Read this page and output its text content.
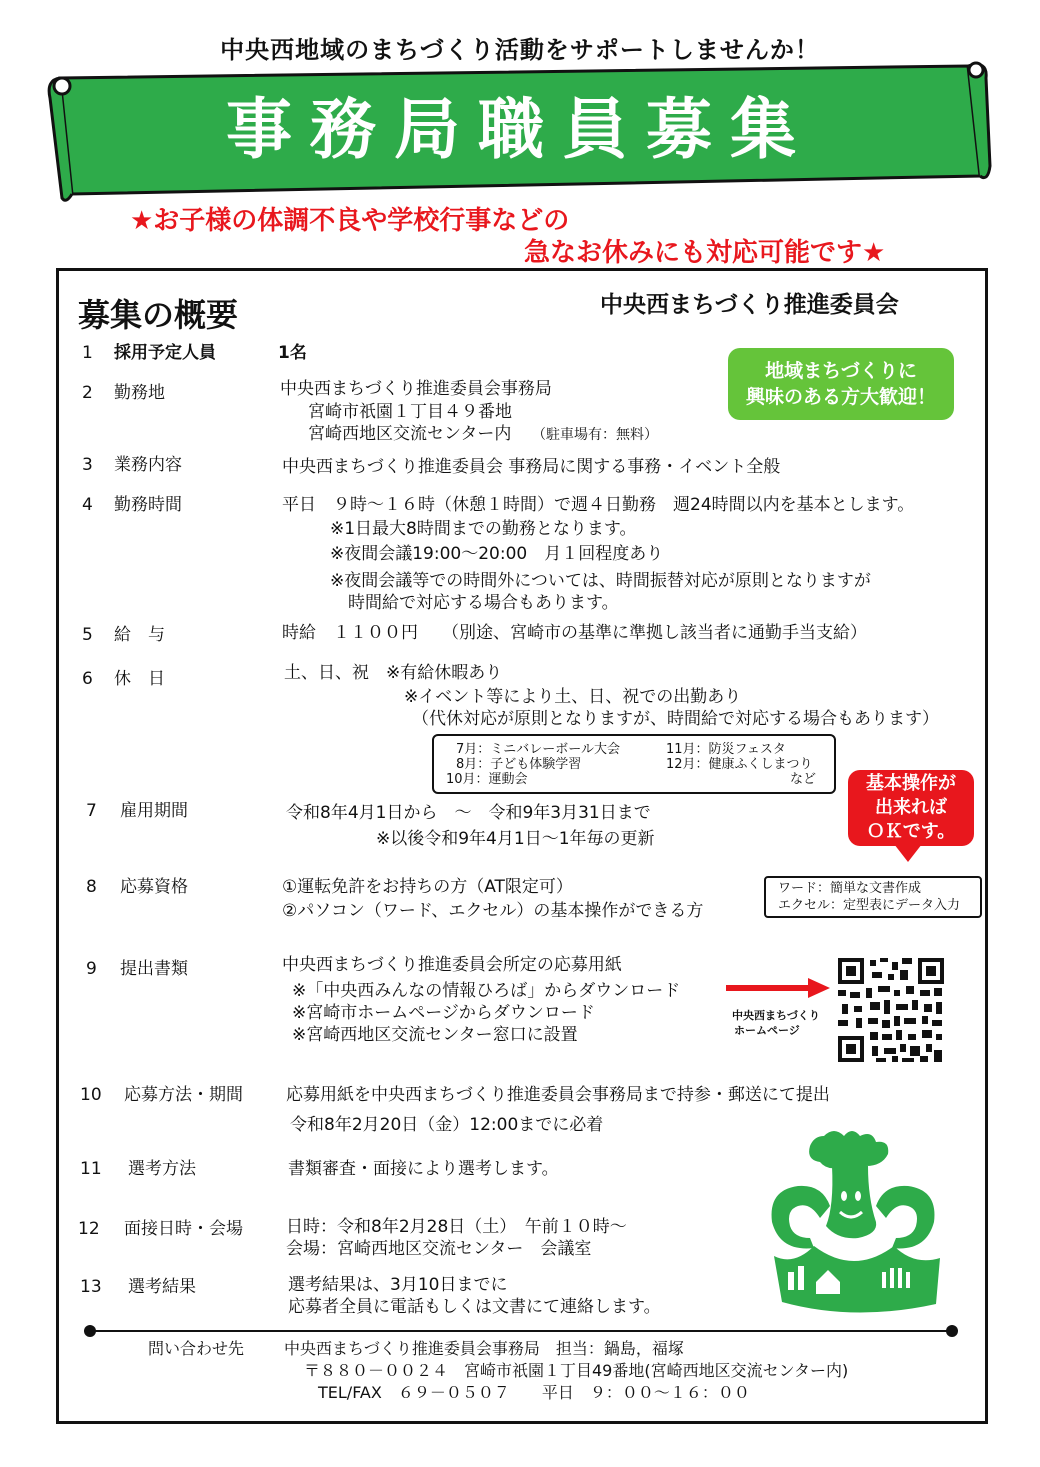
中央西地域のまちづくり活動をサポートしませんか！
事務局職員募集
★お子様の体調不良や学校行事などの
急なお休みにも対応可能です★
募集の概要	中央西まちづくり推進委員会
1 採用予定人員	1名
2 勤務地	中央西まちづくり推進委員会事務局
宮崎市祇園１丁目４９番地
宮崎西地区交流センター内 （駐車場有：無料）
地域まちづくりに
興味のある方大歓迎！
3 業務内容	中央西まちづくり推進委員会 事務局に関する事務・イベント全般
4 勤務時間	平日　９時～１６時（休憩１時間）で週４日勤務　週24時間以内を基本とします。
※1日最大8時間までの勤務となります。
※夜間会議19:00～20:00　月１回程度あり
※夜間会議等での時間外については、時間振替対応が原則となりますが
時間給で対応する場合もあります。
5 給　与	時給　１１００円 （別途、宮崎市の基準に準拠し該当者に通勤手当支給）
6 休　日	土、日、祝　※有給休暇あり
※イベント等により土、日、祝での出勤あり
（代休対応が原則となりますが、時間給で対応する場合もあります）
7月：ミニバレーボール大会
8月：子ども体験学習
10月：運動会
11月：防災フェスタ
12月：健康ふくしまつり
など	基本操作が
出来れば
ＯＫです。
7 雇用期間	令和8年4月1日から　～　令和9年3月31日まで
※以後令和9年4月1日～1年毎の更新
8 応募資格	①運転免許をお持ちの方（AT限定可）
②パソコン（ワード、エクセル）の基本操作ができる方
ワード：簡単な文書作成
エクセル：定型表にデータ入力
9 提出書類	中央西まちづくり推進委員会所定の応募用紙
※「中央西みんなの情報ひろば」からダウンロード
※宮崎市ホームページからダウンロード
※宮崎西地区交流センター窓口に設置
中央西まちづくり
ホームページ
10 応募方法・期間	応募用紙を中央西まちづくり推進委員会事務局まで持参・郵送にて提出
令和8年2月20日（金）12:00までに必着
11 選考方法	書類審査・面接により選考します。
12 面接日時・会場	日時：令和8年2月28日（土）　午前１０時～
会場：宮崎西地区交流センター　会議室
13 選考結果	選考結果は、3月10日までに
応募者全員に電話もしくは文書にて連絡します。
問い合わせ先 中央西まちづくり推進委員会事務局　担当：鍋島，福塚
〒８８０－００２４　宮崎市祇園１丁目49番地(宮崎西地区交流センター内)
TEL/FAX　６９－０５０７　　平日　９：００～１６：００
